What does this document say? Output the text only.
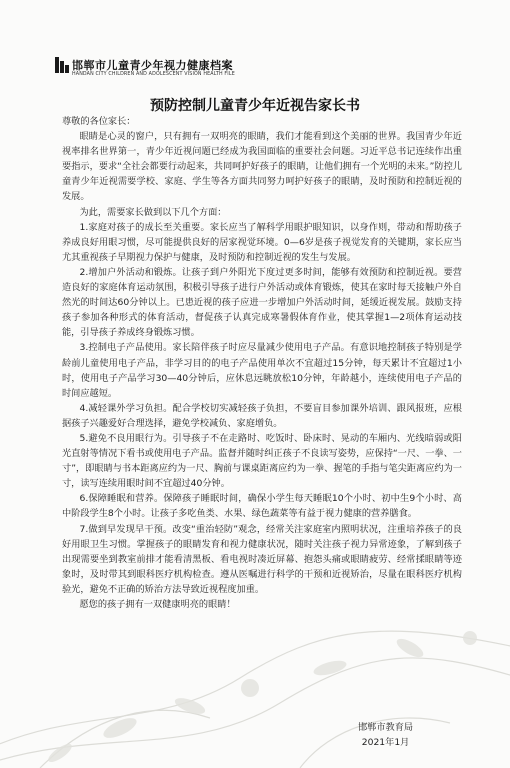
邯郸市儿童青少年视力健康档案
HANDAN CITY CHILDREN AND ADOLESCENT VISION HEALTH FILE
预防控制儿童青少年近视告家长书

尊敬的各位家长：

眼睛是心灵的窗户，只有拥有一双明亮的眼睛，我们才能看到这个美丽的世界。我国青少年近视率排名世界第一，青少年近视问题已经成为我国面临的重要社会问题。习近平总书记连续作出重要指示，要求“全社会都要行动起来，共同呵护好孩子的眼睛，让他们拥有一个光明的未来。”防控儿童青少年近视需要学校、家庭、学生等各方面共同努力呵护好孩子的眼睛，及时预防和控制近视的发展。

为此，需要家长做到以下几个方面：

1.家庭对孩子的成长至关重要。家长应当了解科学用眼护眼知识，以身作则，带动和帮助孩子养成良好用眼习惯，尽可能提供良好的居家视觉环境。0—6岁是孩子视觉发育的关键期，家长应当尤其重视孩子早期视力保护与健康，及时预防和控制近视的发生与发展。

2.增加户外活动和锻炼。让孩子到户外阳光下度过更多时间，能够有效预防和控制近视。要营造良好的家庭体育运动氛围，积极引导孩子进行户外活动或体育锻炼，使其在家时每天接触户外自然光的时间达60分钟以上。已患近视的孩子应进一步增加户外活动时间，延缓近视发展。鼓励支持孩子参加各种形式的体育活动，督促孩子认真完成寒暑假体育作业，使其掌握1—2项体育运动技能，引导孩子养成终身锻炼习惯。

3.控制电子产品使用。家长陪伴孩子时应尽量减少使用电子产品。有意识地控制孩子特别是学龄前儿童使用电子产品，非学习目的的电子产品使用单次不宜超过15分钟，每天累计不宜超过1小时，使用电子产品学习30—40分钟后，应休息远眺放松10分钟，年龄越小，连续使用电子产品的时间应越短。

4.减轻课外学习负担。配合学校切实减轻孩子负担，不要盲目参加课外培训、跟风报班，应根据孩子兴趣爱好合理选择，避免学校减负、家庭增负。

5.避免不良用眼行为。引导孩子不在走路时、吃饭时、卧床时、晃动的车厢内、光线暗弱或阳光直射等情况下看书或使用电子产品。监督并随时纠正孩子不良读写姿势，应保持“一尺、一拳、一寸”，即眼睛与书本距离应约为一尺、胸前与课桌距离应约为一拳、握笔的手指与笔尖距离应约为一寸，读写连续用眼时间不宜超过40分钟。

6.保障睡眠和营养。保障孩子睡眠时间，确保小学生每天睡眠10个小时、初中生9个小时、高中阶段学生8个小时。让孩子多吃鱼类、水果、绿色蔬菜等有益于视力健康的营养膳食。

7.做到早发现早干预。改变“重治轻防”观念，经常关注家庭室内照明状况，注重培养孩子的良好用眼卫生习惯。掌握孩子的眼睛发育和视力健康状况，随时关注孩子视力异常迹象，了解到孩子出现需要坐到教室前排才能看清黑板、看电视时凑近屏幕、抱怨头痛或眼睛疲劳、经常揉眼睛等迹象时，及时带其到眼科医疗机构检查。遵从医嘱进行科学的干预和近视矫治，尽量在眼科医疗机构验光，避免不正确的矫治方法导致近视程度加重。

愿您的孩子拥有一双健康明亮的眼睛！

邯郸市教育局
2021年1月
